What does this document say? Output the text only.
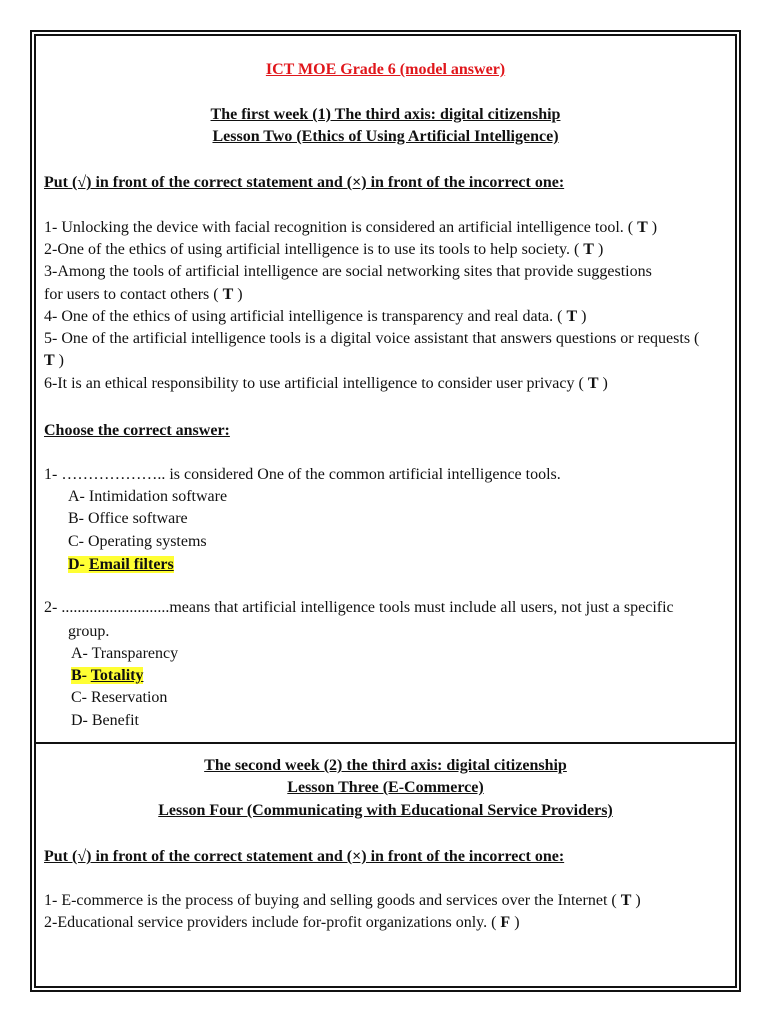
ICT MOE Grade 6 (model answer)
The first week (1) The third axis: digital citizenship
Lesson Two (Ethics of Using Artificial Intelligence)
Put (√) in front of the correct statement and (×) in front of the incorrect one:
1- Unlocking the device with facial recognition is considered an artificial intelligence tool. ( T )
2-One of the ethics of using artificial intelligence is to use its tools to help society. ( T )
3-Among the tools of artificial intelligence are social networking sites that provide suggestions
for users to contact others ( T )
4- One of the ethics of using artificial intelligence is transparency and real data. ( T )
5- One of the artificial intelligence tools is a digital voice assistant that answers questions or requests (
T )
6-It is an ethical responsibility to use artificial intelligence to consider user privacy ( T )
Choose the correct answer:
1- ……………….. is considered One of the common artificial intelligence tools.
A- Intimidation software
B- Office software
C- Operating systems
D- Email filters
2- ...........................means that artificial intelligence tools must include all users, not just a specific
group.
A- Transparency
B- Totality
C- Reservation
D- Benefit
The second week (2) the third axis: digital citizenship
Lesson Three (E-Commerce)
Lesson Four (Communicating with Educational Service Providers)
Put (√) in front of the correct statement and (×) in front of the incorrect one:
1- E-commerce is the process of buying and selling goods and services over the Internet ( T )
2-Educational service providers include for-profit organizations only. ( F )
